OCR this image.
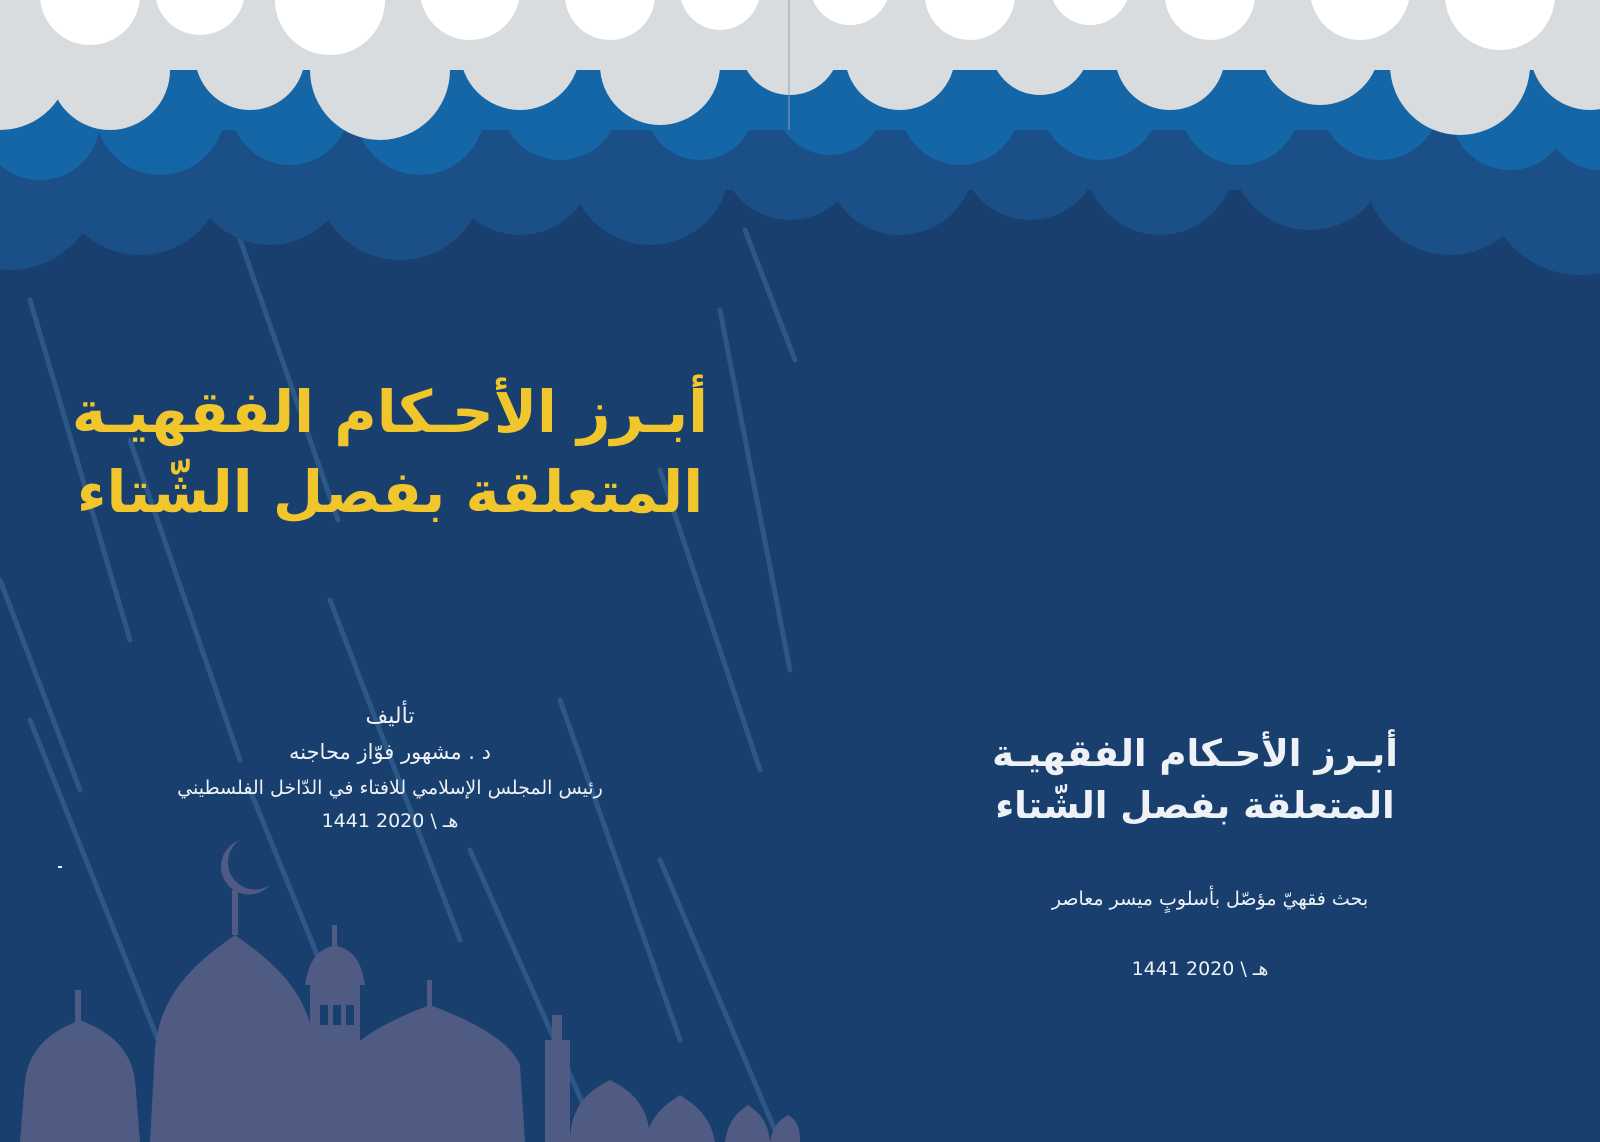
أبـرز الأحـكام الفقهيـة
المتعلقة بفصل الشّتاء
تأليف
د . مشهور فوّاز محاجنه
رئيس المجلس الإسلامي للافتاء في الدّاخل الفلسطيني
1441 هـ \ 2020
أبـرز الأحـكام الفقهيـة
المتعلقة بفصل الشّتاء
بحث فقهيّ مؤصّل بأسلوبٍ ميسر معاصر
1441 هـ \ 2020
